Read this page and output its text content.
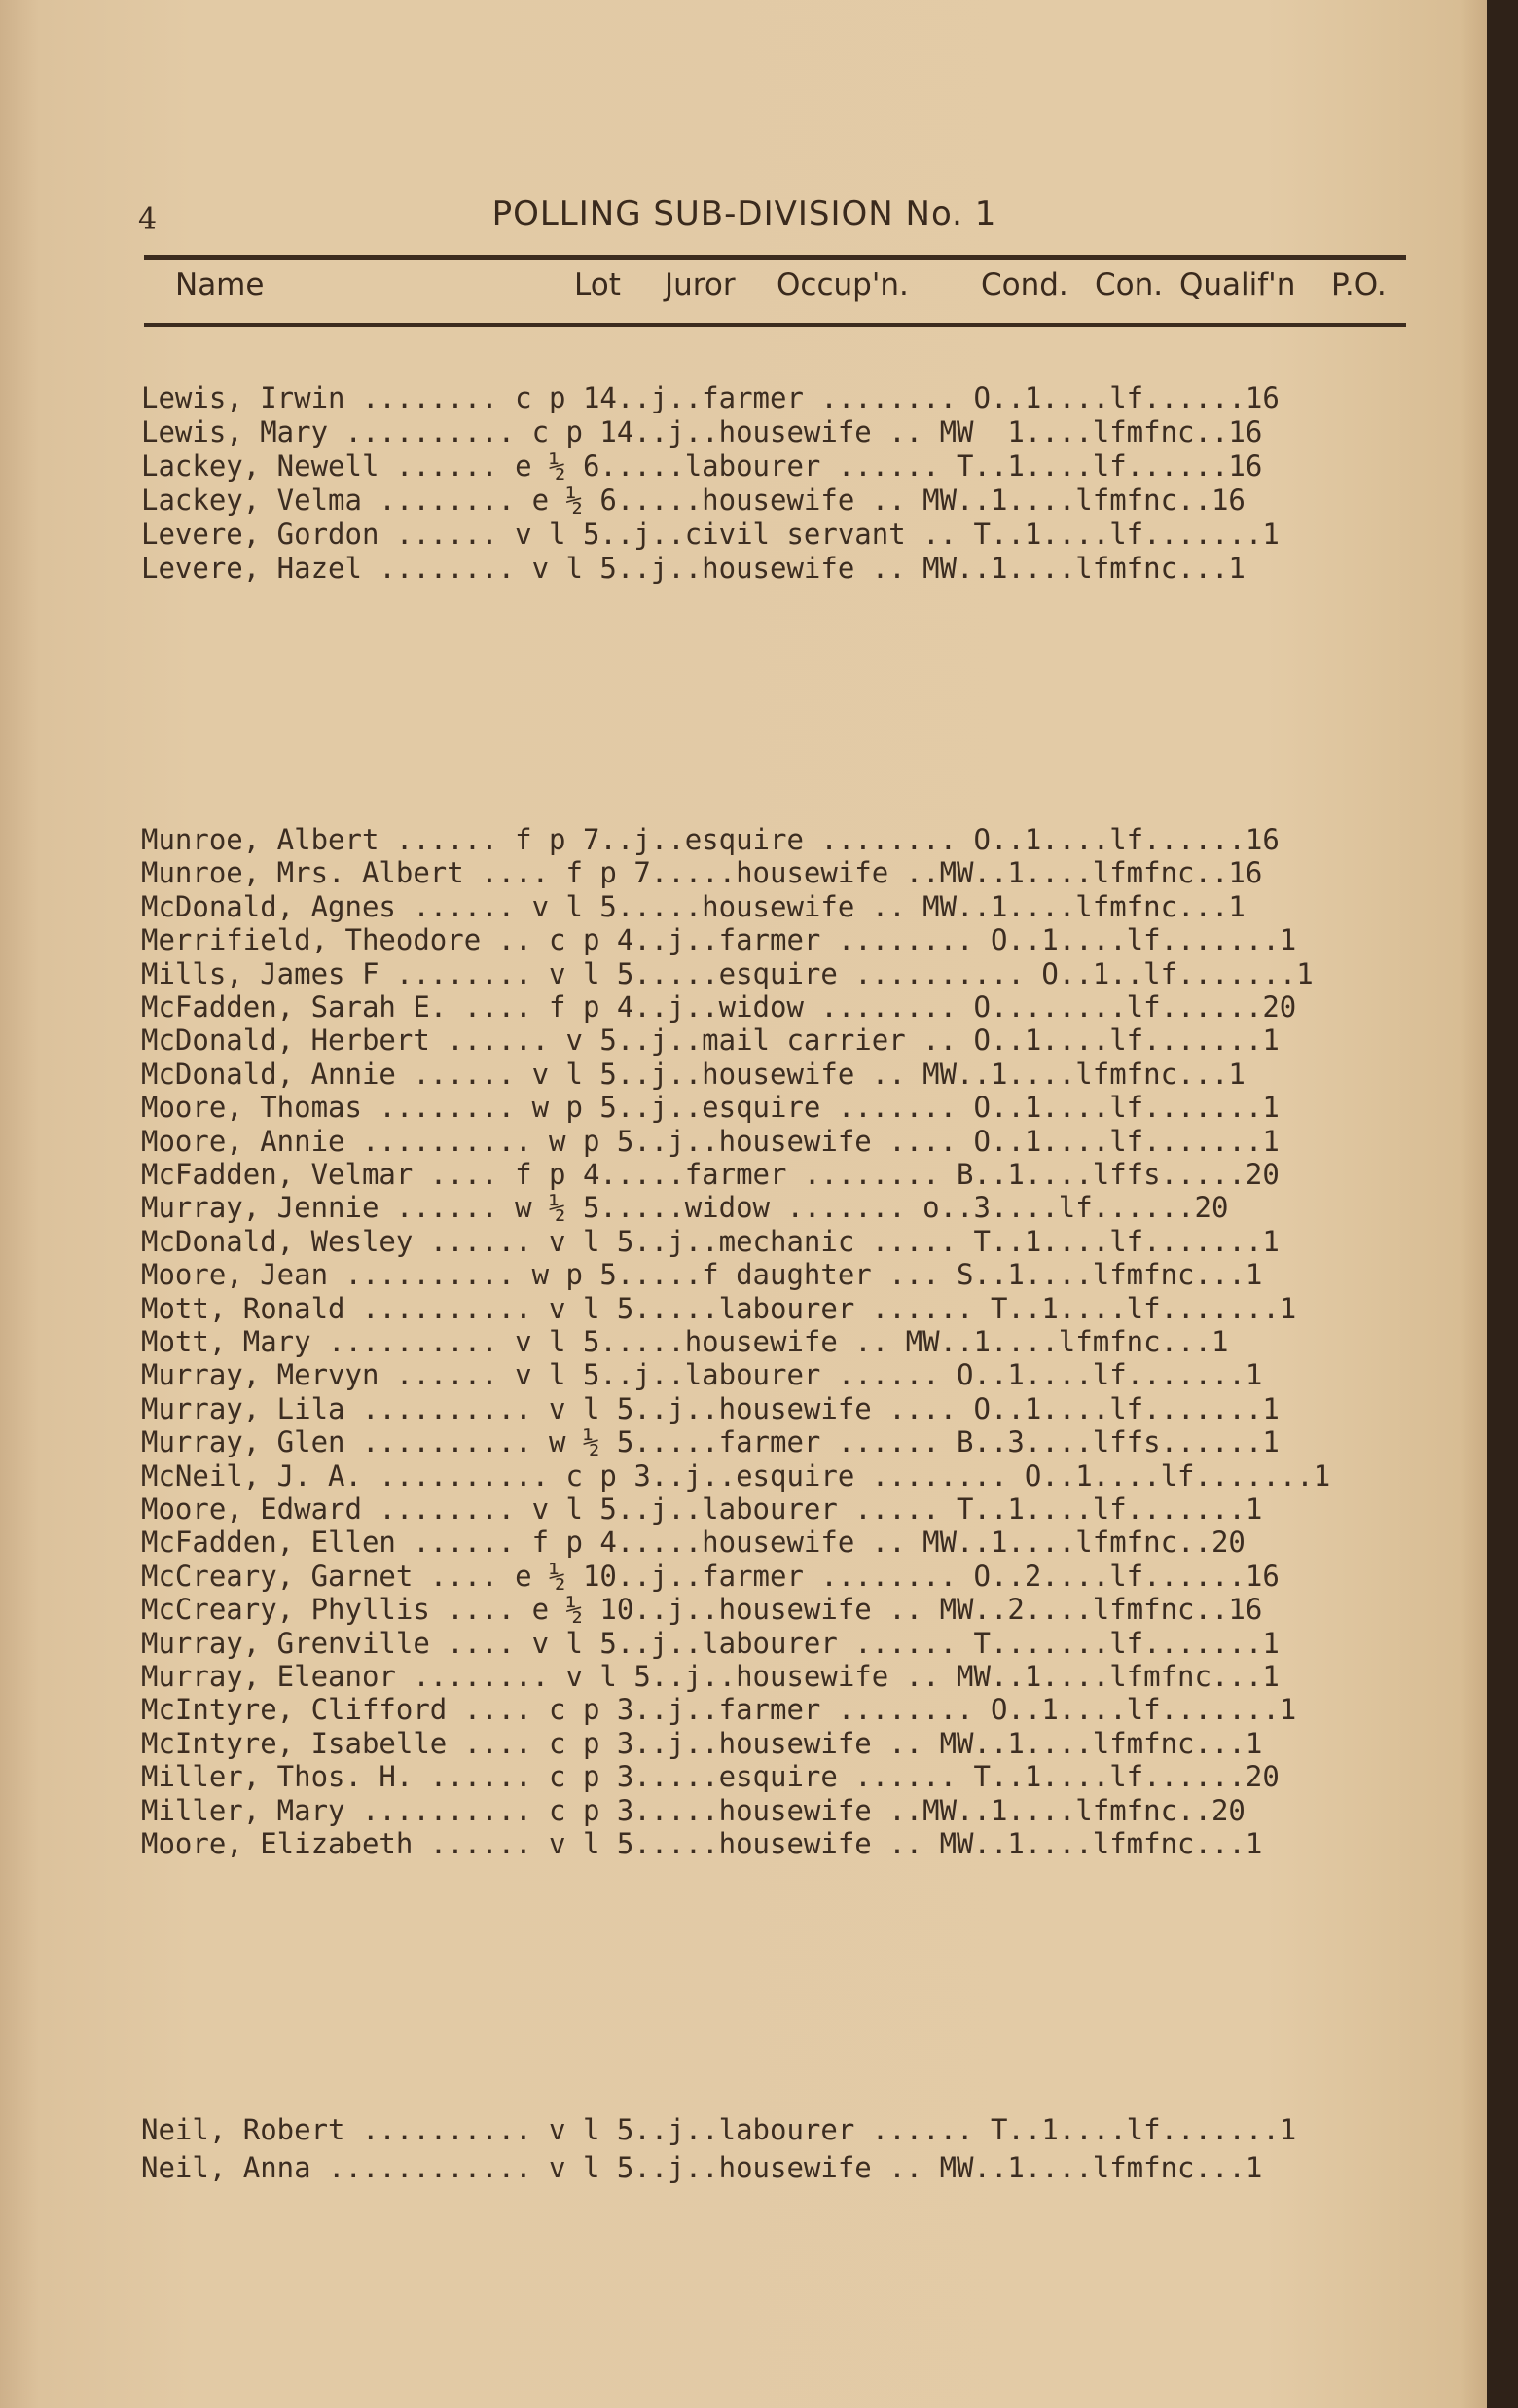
4	POLLING SUB-DIVISION No. 1
Name	Lot Juror Occup'n. Cond. Con. Qualif'n P.O.
Lewis, Irwin ........ c p 14..j..farmer ........ O..1....lf......16
Lewis, Mary .......... c p 14..j..housewife .. MW  1....lfmfnc..16
Lackey, Newell ...... e ½ 6.....labourer ...... T..1....lf......16
Lackey, Velma ........ e ½ 6.....housewife .. MW..1....lfmfnc..16
Levere, Gordon ...... v l 5..j..civil servant .. T..1....lf.......1
Levere, Hazel ........ v l 5..j..housewife .. MW..1....lfmfnc...1
Munroe, Albert ...... f p 7..j..esquire ........ O..1....lf......16
Munroe, Mrs. Albert .... f p 7.....housewife ..MW..1....lfmfnc..16
McDonald, Agnes ...... v l 5.....housewife .. MW..1....lfmfnc...1
Merrifield, Theodore .. c p 4..j..farmer ........ O..1....lf.......1
Mills, James F ........ v l 5.....esquire .......... O..1..lf.......1
McFadden, Sarah E. .... f p 4..j..widow ........ O........lf......20
McDonald, Herbert ...... v 5..j..mail carrier .. O..1....lf.......1
McDonald, Annie ...... v l 5..j..housewife .. MW..1....lfmfnc...1
Moore, Thomas ........ w p 5..j..esquire ....... O..1....lf.......1
Moore, Annie .......... w p 5..j..housewife .... O..1....lf.......1
McFadden, Velmar .... f p 4.....farmer ........ B..1....lffs.....20
Murray, Jennie ...... w ½ 5.....widow ....... o..3....lf......20
McDonald, Wesley ...... v l 5..j..mechanic ..... T..1....lf.......1
Moore, Jean .......... w p 5.....f daughter ... S..1....lfmfnc...1
Mott, Ronald .......... v l 5.....labourer ...... T..1....lf.......1
Mott, Mary .......... v l 5.....housewife .. MW..1....lfmfnc...1
Murray, Mervyn ...... v l 5..j..labourer ...... O..1....lf.......1
Murray, Lila .......... v l 5..j..housewife .... O..1....lf.......1
Murray, Glen .......... w ½ 5.....farmer ...... B..3....lffs......1
McNeil, J. A. .......... c p 3..j..esquire ........ O..1....lf.......1
Moore, Edward ........ v l 5..j..labourer ..... T..1....lf.......1
McFadden, Ellen ...... f p 4.....housewife .. MW..1....lfmfnc..20
McCreary, Garnet .... e ½ 10..j..farmer ........ O..2....lf......16
McCreary, Phyllis .... e ½ 10..j..housewife .. MW..2....lfmfnc..16
Murray, Grenville .... v l 5..j..labourer ...... T.......lf.......1
Murray, Eleanor ........ v l 5..j..housewife .. MW..1....lfmfnc...1
McIntyre, Clifford .... c p 3..j..farmer ........ O..1....lf.......1
McIntyre, Isabelle .... c p 3..j..housewife .. MW..1....lfmfnc...1
Miller, Thos. H. ...... c p 3.....esquire ...... T..1....lf......20
Miller, Mary .......... c p 3.....housewife ..MW..1....lfmfnc..20
Moore, Elizabeth ...... v l 5.....housewife .. MW..1....lfmfnc...1
Neil, Robert .......... v l 5..j..labourer ...... T..1....lf.......1
Neil, Anna ............ v l 5..j..housewife .. MW..1....lfmfnc...1
